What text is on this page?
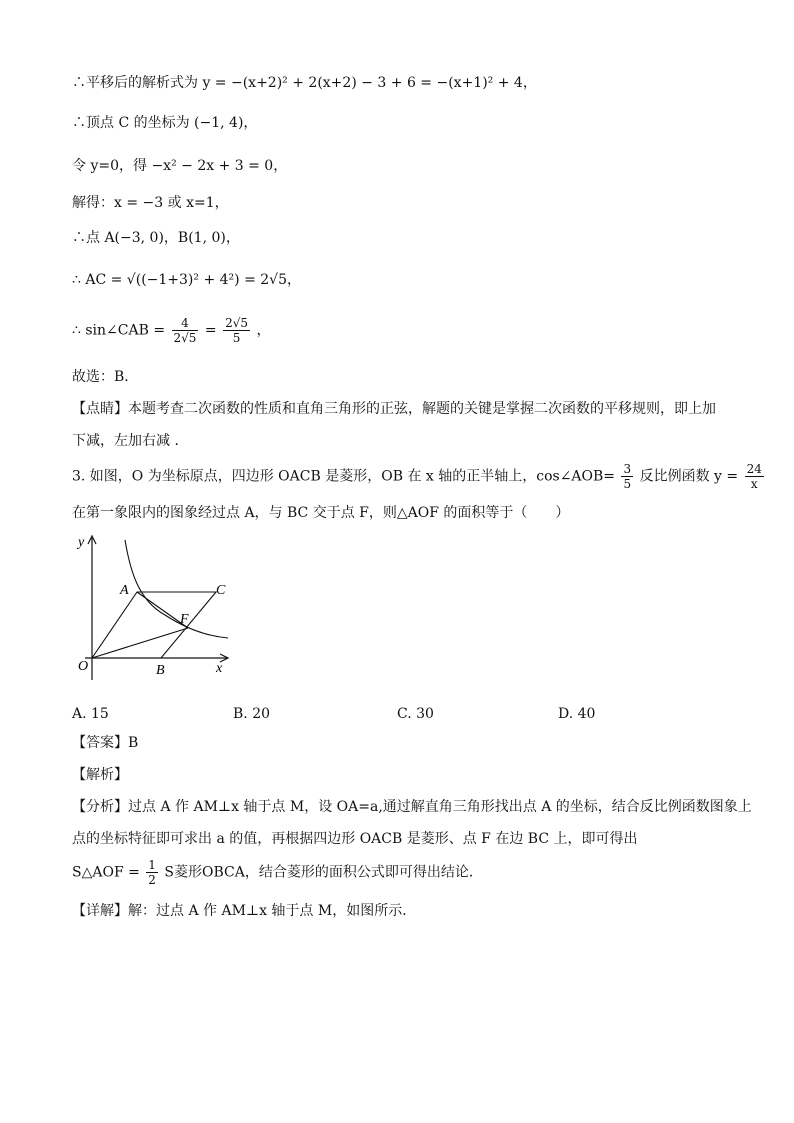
∴平移后的解析式为 y = −(x+2)² + 2(x+2) − 3 + 6 = −(x+1)² + 4，
∴顶点 C 的坐标为 (−1, 4)，
令 y=0，得 −x² − 2x + 3 = 0，
解得：x = −3 或 x=1，
∴点 A(−3, 0)，B(1, 0)，
∴ AC = √((−1+3)² + 4²) = 2√5，
∴ sin∠CAB = $\frac{4}{2√5} = \frac{2√5}{5}$ ，
故选：B．
【点睛】本题考查二次函数的性质和直角三角形的正弦，解题的关键是掌握二次函数的平移规则，即上加
下减，左加右减 ．
3. 如图，O 为坐标原点，四边形 OACB 是菱形，OB 在 x 轴的正半轴上，cos∠AOB= $\frac{3}{5}$ 反比例函数 $y = \frac{24}{x}$
在第一象限内的图象经过点 A，与 BC 交于点 F，则△AOF 的面积等于（　　）
y
x
O
A
B
C
F
A. 15	B. 20	C. 30	D. 40
【答案】B
【解析】
【分析】过点 A 作 AM⊥x 轴于点 M，设 OA=a,通过解直角三角形找出点 A 的坐标，结合反比例函数图象上
点的坐标特征即可求出 a 的值，再根据四边形 OACB 是菱形、点 F 在边 BC 上，即可得出
S△AOF = $\frac{1}{2}$ S菱形OBCA，结合菱形的面积公式即可得出结论．
【详解】解：过点 A 作 AM⊥x 轴于点 M，如图所示．
